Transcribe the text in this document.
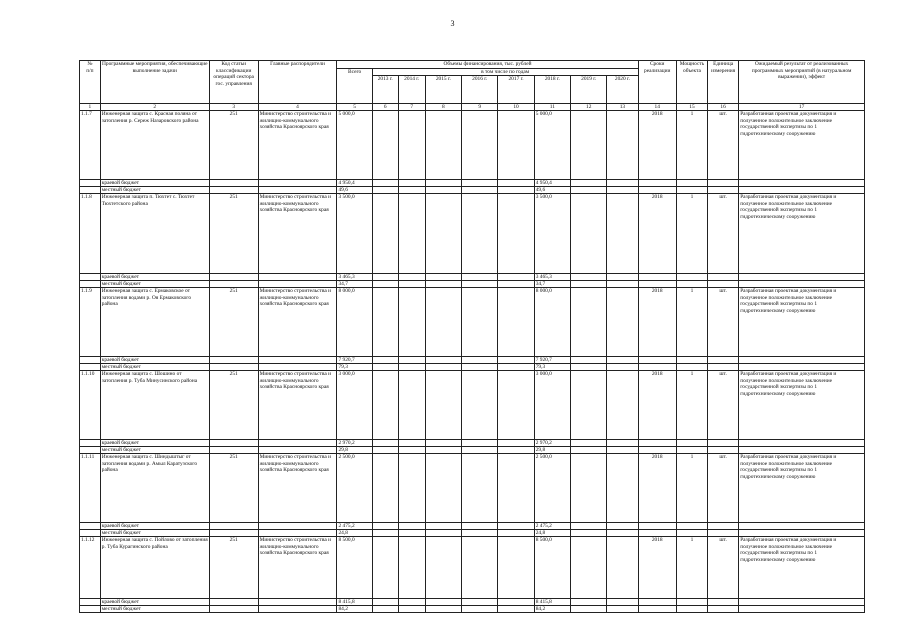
3
№
п/п	Программные мероприятия, обеспечивающие выполнение задачи	Код статьи классификации операций сектора гос. управления	Главные распорядители	Объемы финансирования, тыс. рублей									Сроки реализации	Мощность объекта	Единица измерения	Ожидаемый результат от реализованных программных мероприятий (в натуральном выражении), эффект
				Всего	в том числе по годам											
					2013 г.	2014 г.	2015 г.	2016 г.	2017 г.	2018 г.	2019 г.	2020 г.				
1	2	3	4	5	6	7	8	9	10	11	12	13	14	15	16	17
1.1.7	Инженерная защита с. Красная поляна от затопления р. Сереж Назаровского района	251	Министерство строительства и жилищно-коммунального хозяйства Красноярского края	5 000,0						5 000,0			2018	1	шт.	Разработанная проектная документация и полученное положительное заключение государственной экспертизы по 1 гидротехническому сооружению
	краевой бюджет			4 950,4						4 950,4						
	местный бюджет			49,6						49,6						
1.1.8	Инженерная защита п. Тюхтет с. Тюхтет Тюхтетского района	251	Министерство строительства и жилищно-коммунального хозяйства Красноярского края	3 500,0						3 500,0			2018	1	шт.	Разработанная проектная документация и полученное положительное заключение государственной экспертизы по 1 гидротехническому сооружению
	краевой бюджет			3 465,3						3 465,3						
	местный бюджет			34,7						34,7						
1.1.9	Инженерная защита с. Ермаковское от затопления водами р. Оя Ермаковского района	251	Министерство строительства и жилищно-коммунального хозяйства Красноярского края	8 000,0						8 000,0			2018	1	шт.	Разработанная проектная документация и полученное положительное заключение государственной экспертизы по 1 гидротехническому сооружению
	краевой бюджет			7 920,7						7 920,7						
	местный бюджет			79,3						79,3						
1.1.10	Инженерная защита с. Шошино от затопления р. Туба Минусинского района	251	Министерство строительства и жилищно-коммунального хозяйства Красноярского края	3 000,0						3 000,0			2018	1	шт.	Разработанная проектная документация и полученное положительное заключение государственной экспертизы по 1 гидротехническому сооружению
	краевой бюджет			2 970,2						2 970,2						
	местный бюджет			29,8						29,8						
1.1.11	Инженерная защита с. Шиндыштыг от затопления водами р. Амыл Каратузского района	251	Министерство строительства и жилищно-коммунального хозяйства Красноярского края	2 500,0						2 500,0			2018	1	шт.	Разработанная проектная документация и полученное положительное заключение государственной экспертизы по 1 гидротехническому сооружению
	краевой бюджет			2 475,2						2 475,2						
	местный бюджет			24,8						24,8						
1.1.12	Инженерная защита с. Пойлово от затопления р. Туба Курагинского района	251	Министерство строительства и жилищно-коммунального хозяйства Красноярского края	8 500,0						8 500,0			2018	1	шт.	Разработанная проектная документация и полученное положительное заключение государственной экспертизы по 1 гидротехническому сооружению
	краевой бюджет			8 415,8						8 415,8						
	местный бюджет			84,2						84,2						
